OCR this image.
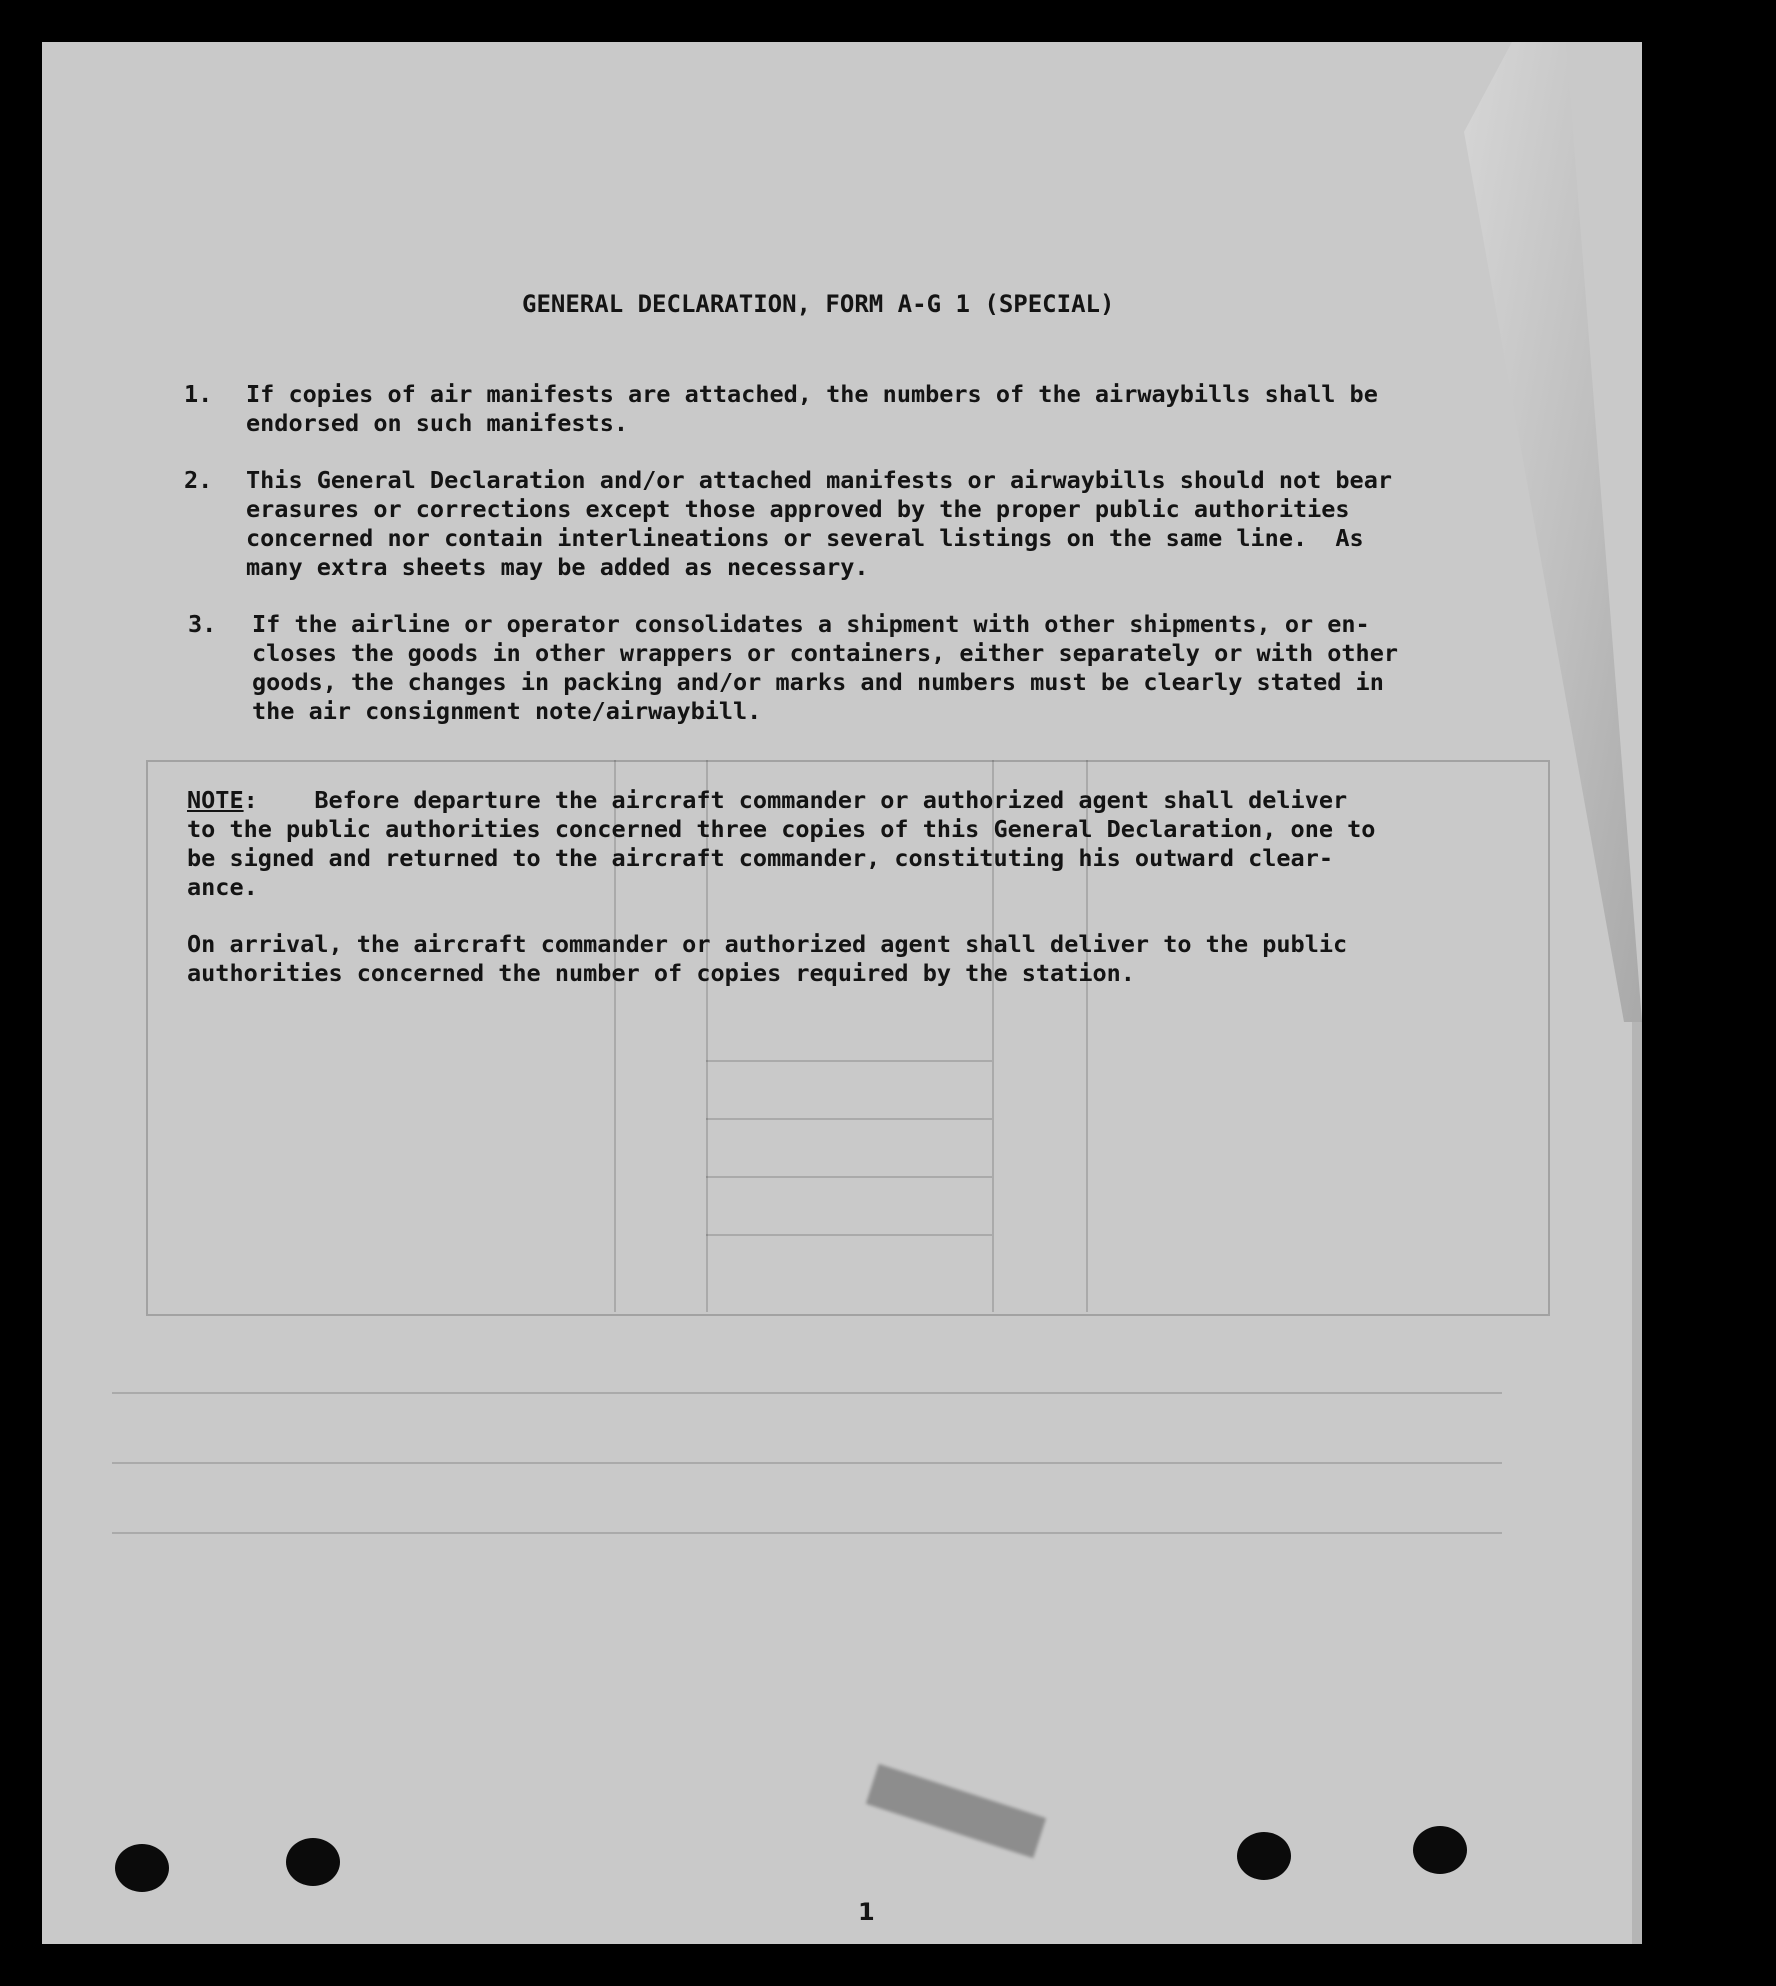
GENERAL DECLARATION, FORM A-G 1 (SPECIAL)
1. If copies of air manifests are attached, the numbers of the airwaybills shall be
endorsed on such manifests.
2. This General Declaration and/or attached manifests or airwaybills should not bear
erasures or corrections except those approved by the proper public authorities
concerned nor contain interlineations or several listings on the same line.  As
many extra sheets may be added as necessary.
3. If the airline or operator consolidates a shipment with other shipments, or en-
closes the goods in other wrappers or containers, either separately or with other
goods, the changes in packing and/or marks and numbers must be clearly stated in
the air consignment note/airwaybill.
NOTE:    Before departure the aircraft commander or authorized agent shall deliver
to the public authorities concerned three copies of this General Declaration, one to
be signed and returned to the aircraft commander, constituting his outward clear-
ance.
On arrival, the aircraft commander or authorized agent shall deliver to the public
authorities concerned the number of copies required by the station.
1
